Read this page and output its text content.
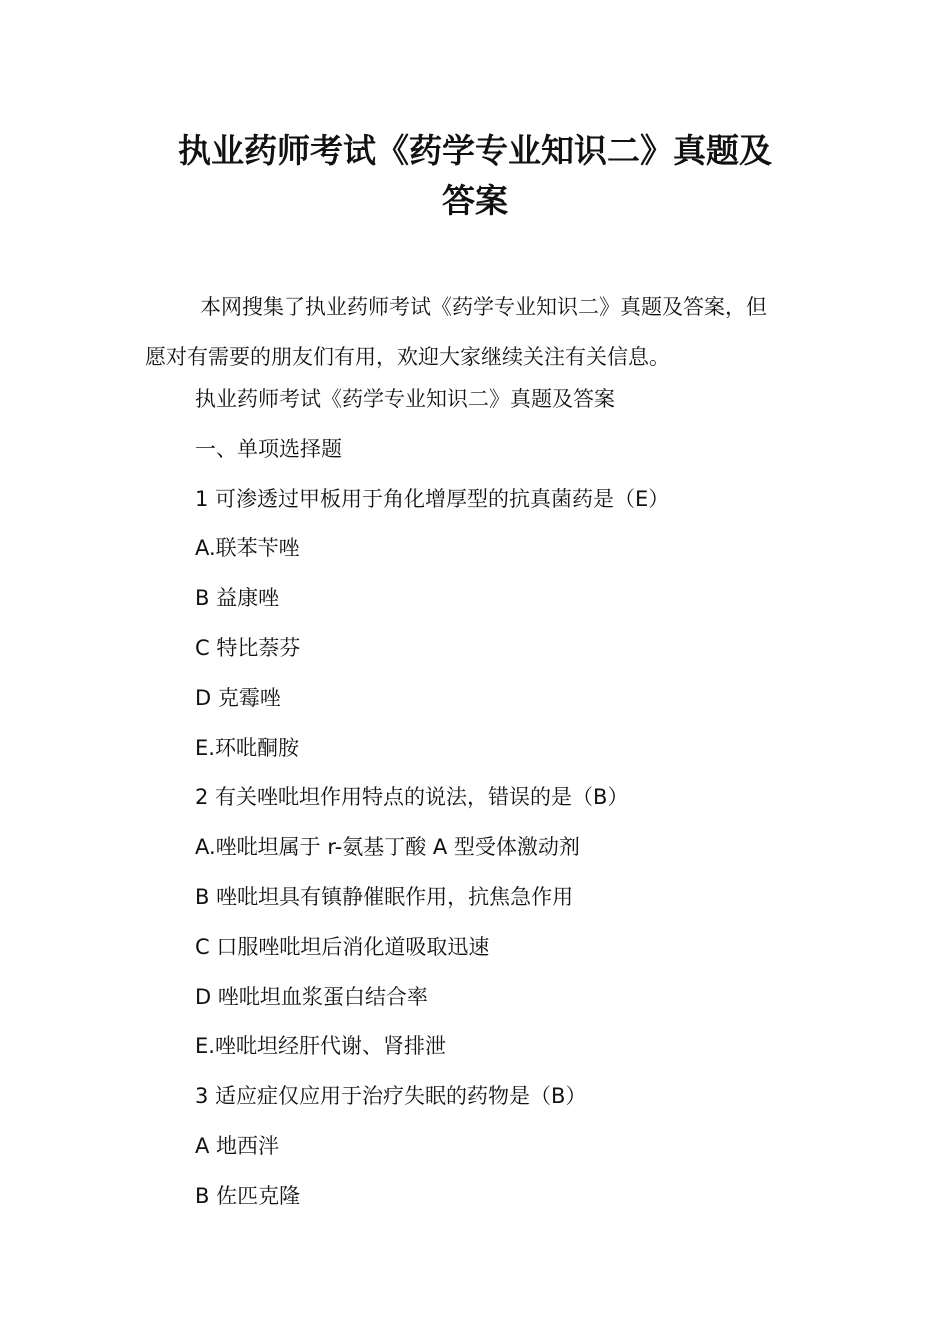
执业药师考试《药学专业知识二》真题及
答案
本网搜集了执业药师考试《药学专业知识二》真题及答案，但
愿对有需要的朋友们有用，欢迎大家继续关注有关信息。
执业药师考试《药学专业知识二》真题及答案
一、单项选择题
1 可渗透过甲板用于角化增厚型的抗真菌药是（E）
A.联苯苄唑
B 益康唑
C 特比萘芬
D 克霉唑
E.环吡酮胺
2 有关唑吡坦作用特点的说法，错误的是（B）
A.唑吡坦属于 r-氨基丁酸 A 型受体激动剂
B 唑吡坦具有镇静催眠作用，抗焦急作用
C 口服唑吡坦后消化道吸取迅速
D 唑吡坦血浆蛋白结合率
E.唑吡坦经肝代谢、肾排泄
3 适应症仅应用于治疗失眠的药物是（B）
A 地西泮
B 佐匹克隆
